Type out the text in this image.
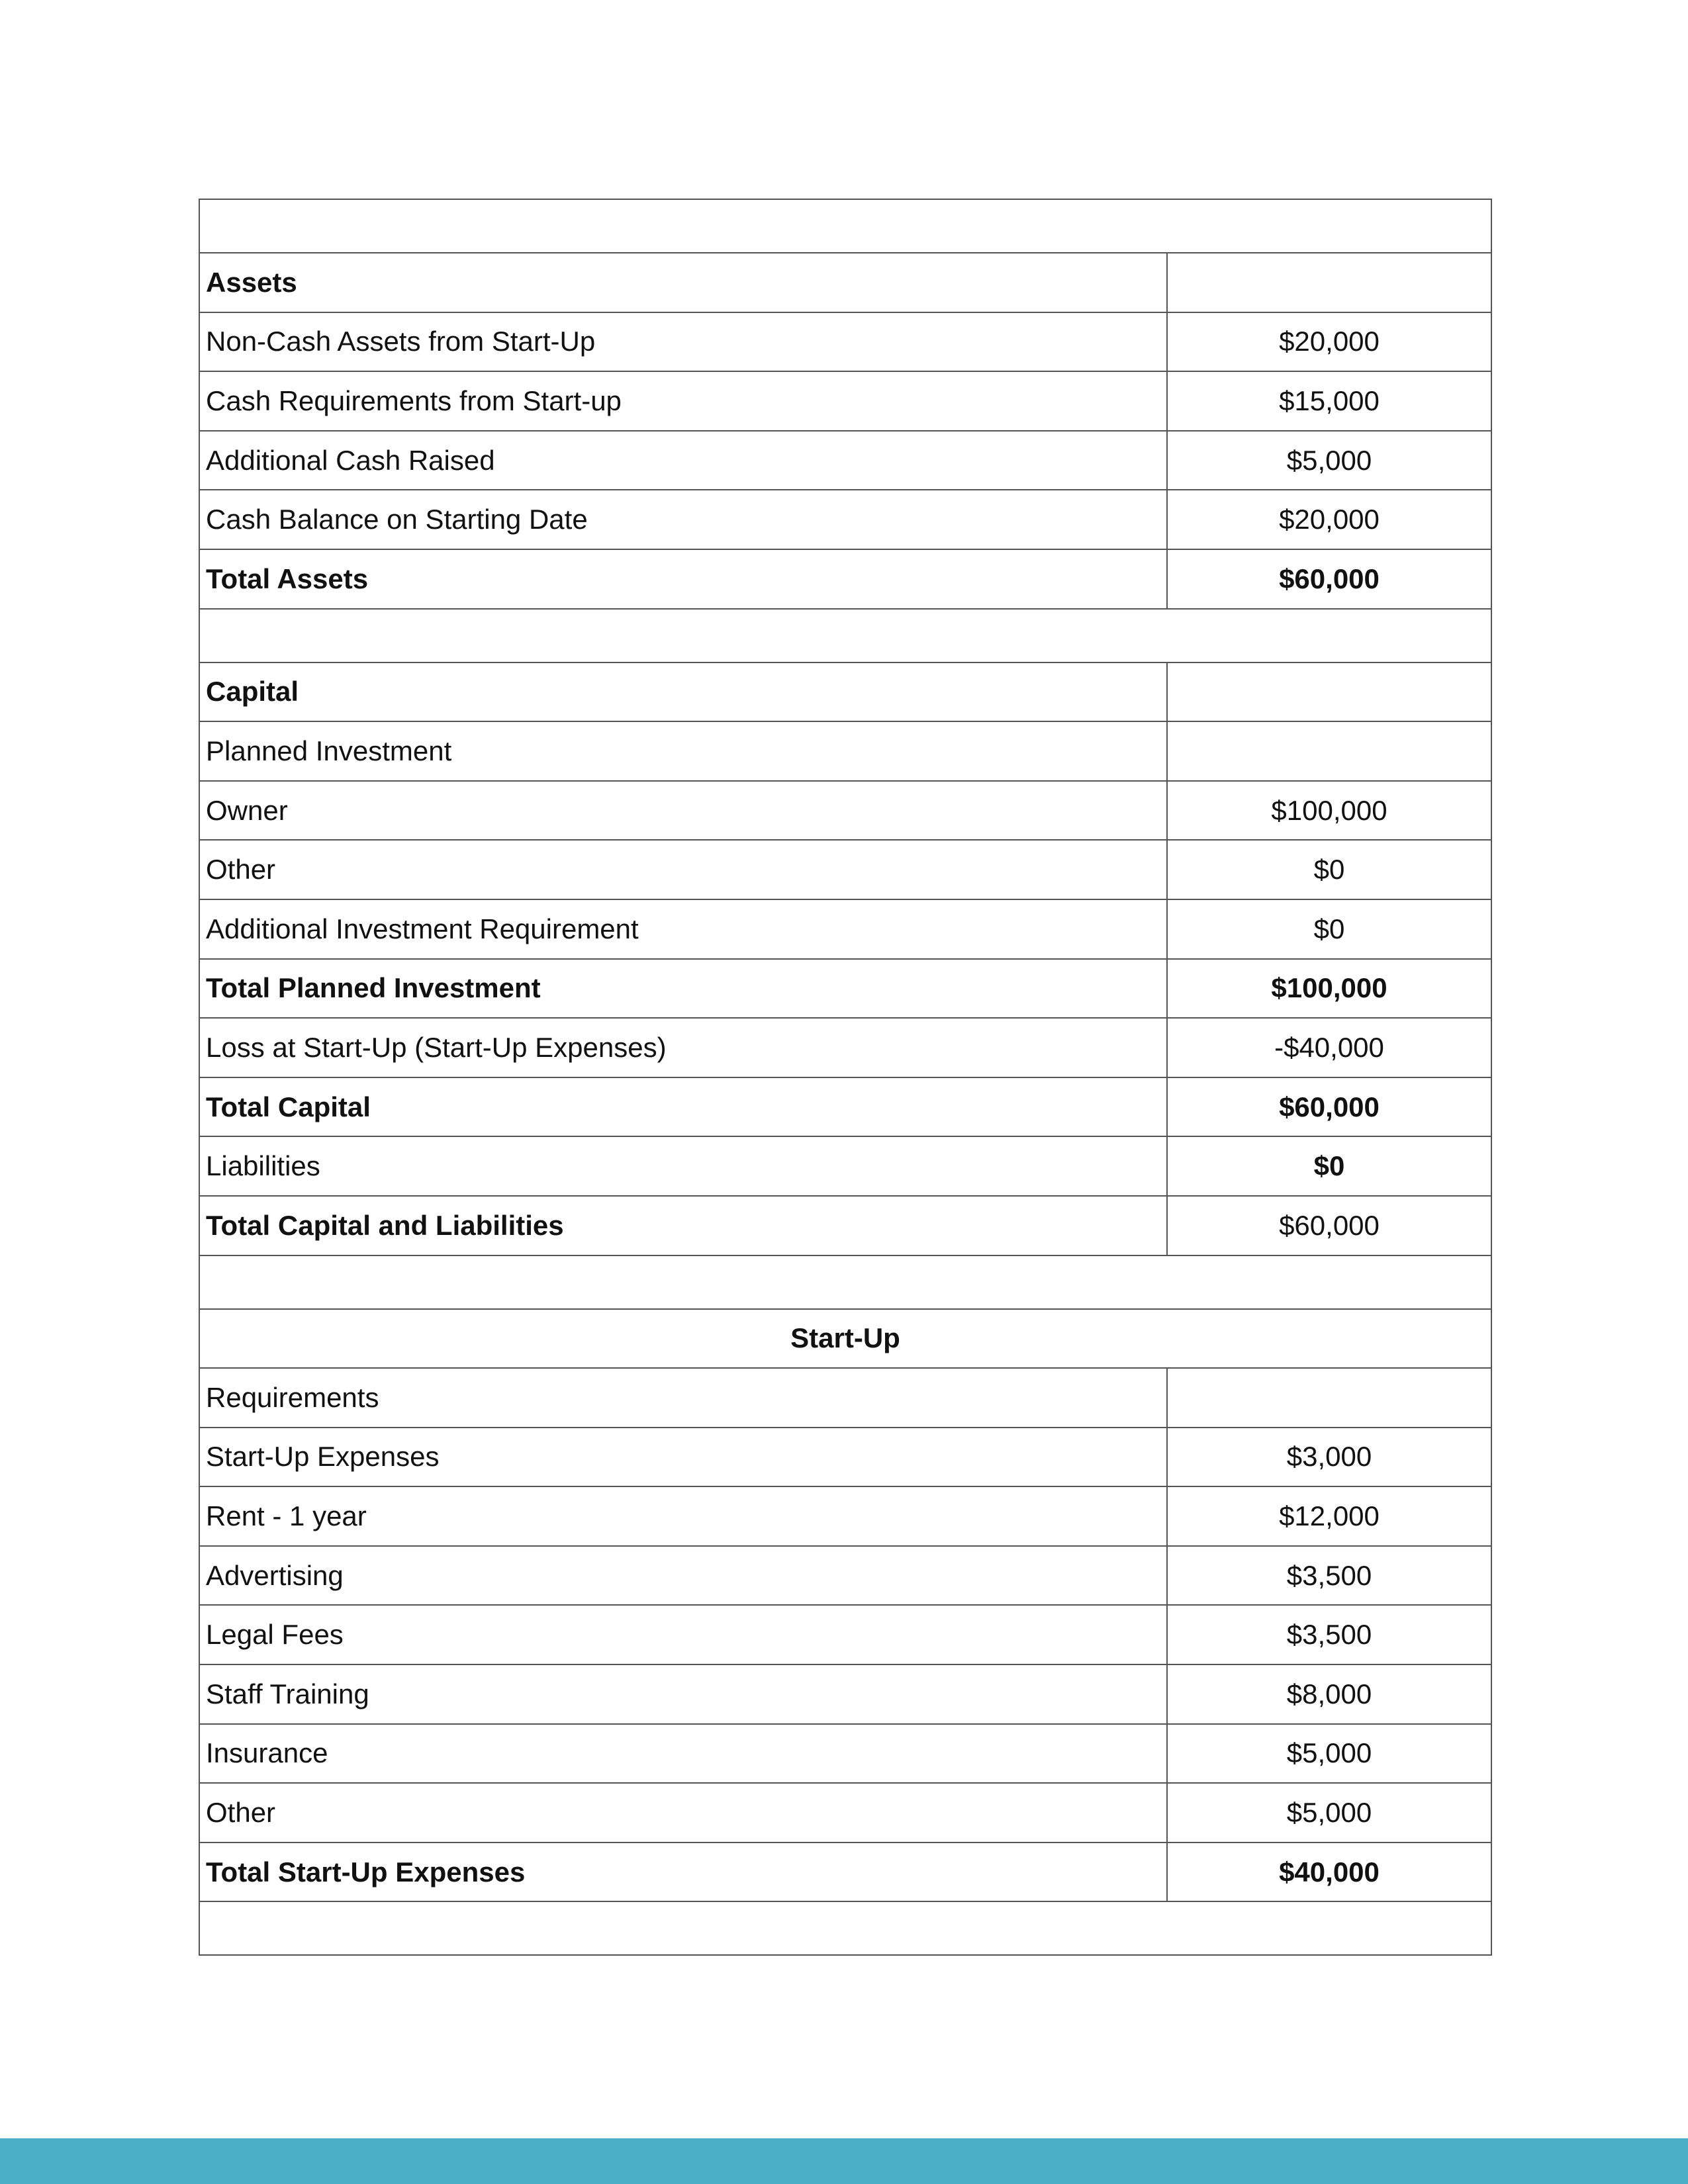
Assets	
Non-Cash Assets from Start-Up	$20,000
Cash Requirements from Start-up	$15,000
Additional Cash Raised	$5,000
Cash Balance on Starting Date	$20,000
Total Assets	$60,000

Capital	
Planned Investment	
Owner	$100,000
Other	$0
Additional Investment Requirement	$0
Total Planned Investment	$100,000
Loss at Start-Up (Start-Up Expenses)	-$40,000
Total Capital	$60,000
Liabilities	$0
Total Capital and Liabilities	$60,000

Start-Up	
Requirements	
Start-Up Expenses	$3,000
Rent - 1 year	$12,000
Advertising	$3,500
Legal Fees	$3,500
Staff Training	$8,000
Insurance	$5,000
Other	$5,000
Total Start-Up Expenses	$40,000
